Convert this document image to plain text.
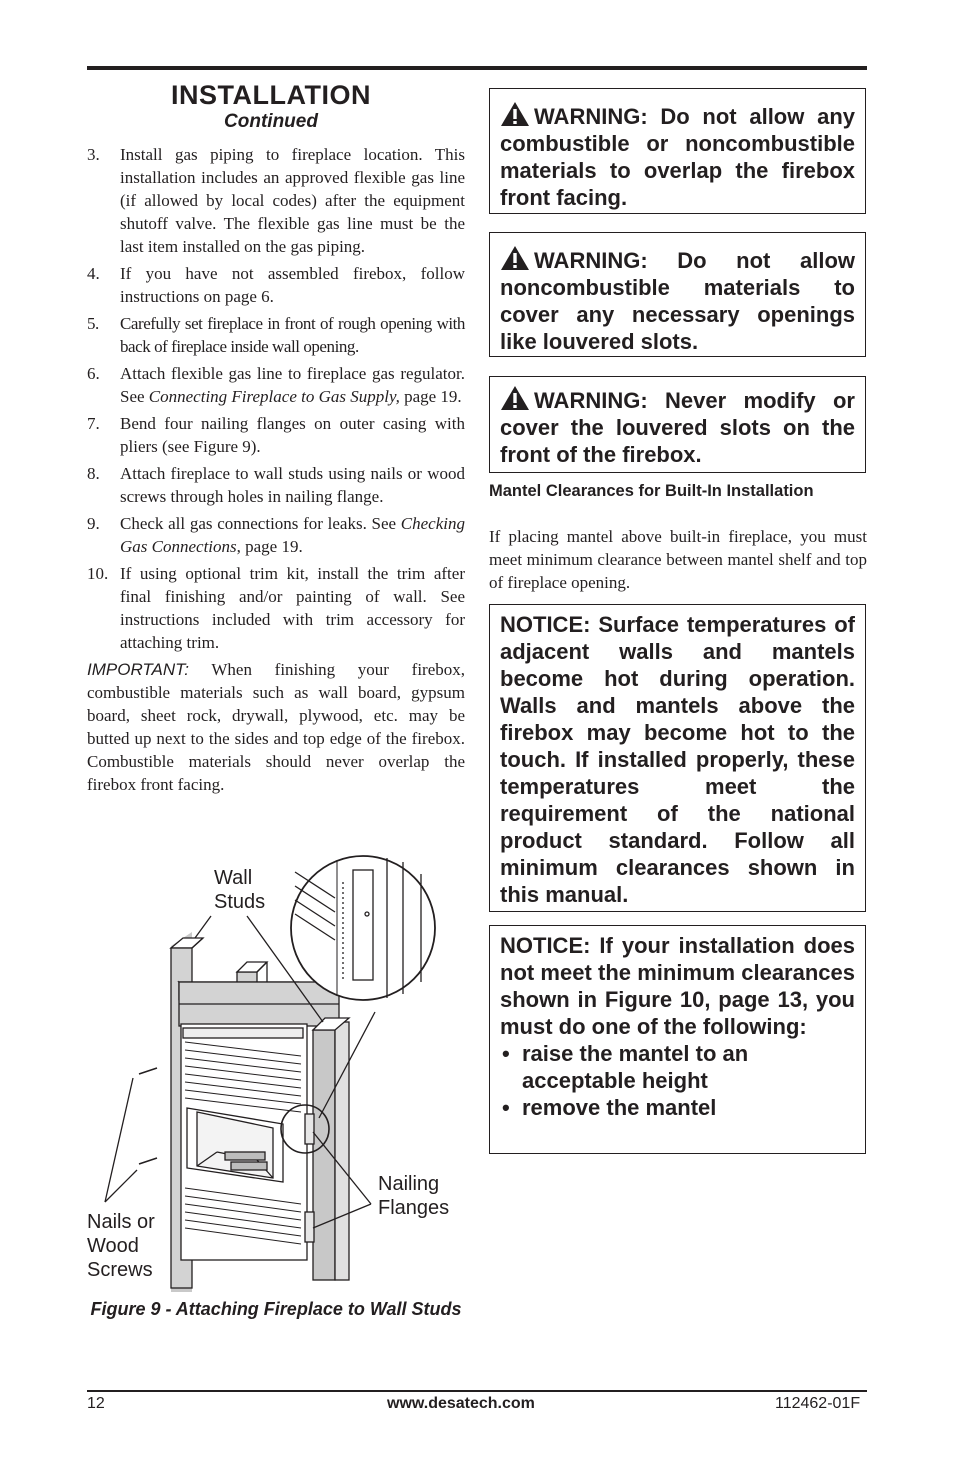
INSTALLATION
Continued
3. Install gas piping to fireplace location. This installation includes an approved flexible gas line (if allowed by local codes) after the equipment shutoff valve. The flexible gas line must be the last item installed on the gas piping.
4. If you have not assembled firebox, follow instructions on page 6.
5. Carefully set fireplace in front of rough opening with back of fireplace inside wall opening.
6. Attach flexible gas line to fireplace gas regulator. See Connecting Fireplace to Gas Supply, page 19.
7. Bend four nailing flanges on outer casing with pliers (see Figure 9).
8. Attach fireplace to wall studs using nails or wood screws through holes in nailing flange.
9. Check all gas connections for leaks. See Checking Gas Connections, page 19.
10. If using optional trim kit, install the trim after final finishing and/or painting of wall. See instructions included with trim accessory for attaching trim.
IMPORTANT: When finishing your firebox, combustible materials such as wall board, gypsum board, sheet rock, drywall, plywood, etc. may be butted up next to the sides and top edge of the firebox. Combustible materials should never overlap the firebox front facing.
Wall
Studs
Nails or
Wood
Screws
Nailing
Flanges
Figure 9 - Attaching Fireplace to Wall Studs
WARNING: Do not allow any combustible or noncombustible materials to overlap the firebox front facing.
WARNING: Do not allow noncombustible materials to cover any necessary openings like louvered slots.
WARNING: Never modify or cover the louvered slots on the front of the firebox.
Mantel Clearances for Built-In Installation
If placing mantel above built-in fireplace, you must meet minimum clearance between mantel shelf and top of fireplace opening.
NOTICE: Surface temperatures of adjacent walls and mantels become hot during operation. Walls and mantels above the firebox may become hot to the touch. If installed properly, these temperatures meet the requirement of the national product standard. Follow all minimum clearances shown in this manual.
NOTICE: If your installation does not meet the minimum clearances shown in Figure 10, page 13, you must do one of the following:
• raise the mantel to an acceptable height
• remove the mantel
12	www.desatech.com	112462-01F
